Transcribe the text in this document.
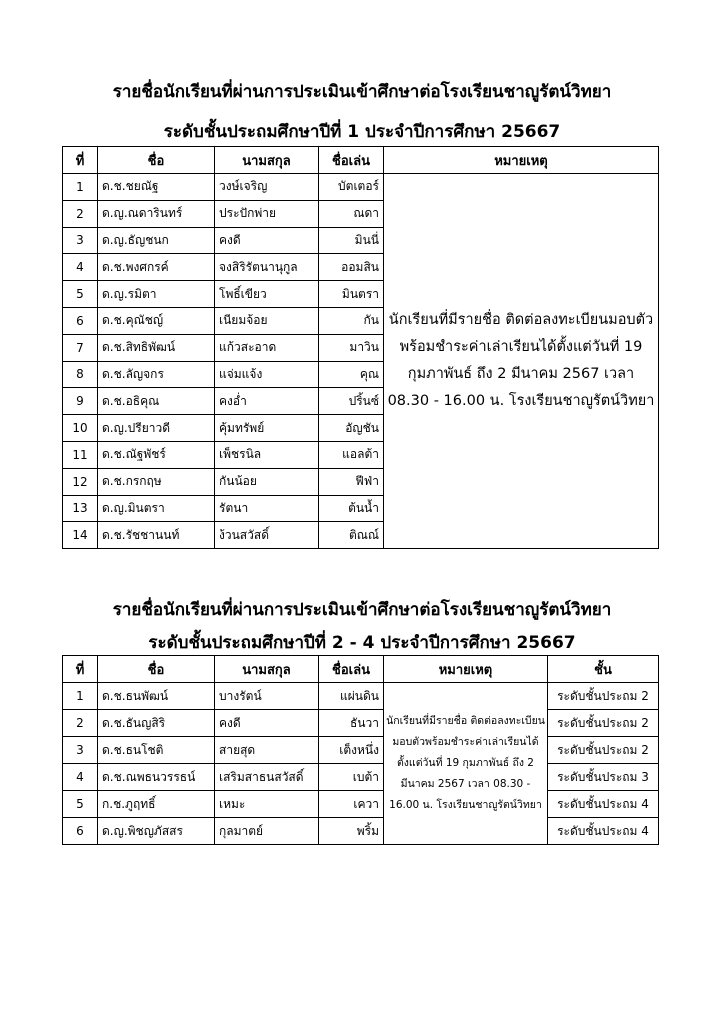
รายชื่อนักเรียนที่ผ่านการประเมินเข้าศึกษาต่อโรงเรียนชาญูรัตน์วิทยา
ระดับชั้นประถมศึกษาปีที่ 1 ประจำปีการศึกษา 25667
ที่	ชื่อ	นามสกุล	ชื่อเล่น	หมายเหตุ
1	ด.ช.ชยณัฐ	วงษ์เจริญ	บัตเตอร์	นักเรียนที่มีรายชื่อ ติดต่อลงทะเบียนมอบตัวพร้อมชำระค่าเล่าเรียนได้ตั้งแต่วันที่ 19 กุมภาพันธ์ ถึง 2 มีนาคม 2567 เวลา 08.30 - 16.00 น. โรงเรียนชาญูรัตน์วิทยา
2	ด.ญ.ณดารินทร์	ประปักพ่าย	ณดา	
3	ด.ญ.ธัญชนก	คงดี	มินนี่	
4	ด.ช.พงศกรค์	จงสิริรัตนานุกูล	ออมสิน	
5	ด.ญ.รมิตา	โพธิ์เขียว	มินตรา	
6	ด.ช.คุณัชญ์	เนียมจ้อย	กัน	
7	ด.ช.สิทธิพัฒน์	แก้วสะอาด	มาวิน	
8	ด.ช.ลัญจกร	แจ่มแจ้ง	คุณ	
9	ด.ช.อธิคุณ	คงอ่ำ	ปริ้นซ์	
10	ด.ญ.ปรียาวดี	คุ้มทรัพย์	อัญชัน	
11	ด.ช.ณัฐพัชร์	เพ็ชรนิล	แอลต้า	
12	ด.ช.กรกฤษ	กันน้อย	ฟีฟ่า	
13	ด.ญ.มินตรา	รัตนา	ต้นน้ำ	
14	ด.ช.รัชชานนท์	ง้วนสวัสดิ์	ติณณ์	
รายชื่อนักเรียนที่ผ่านการประเมินเข้าศึกษาต่อโรงเรียนชาญูรัตน์วิทยา
ระดับชั้นประถมศึกษาปีที่ 2 - 4 ประจำปีการศึกษา 25667
ที่	ชื่อ	นามสกุล	ชื่อเล่น	หมายเหตุ	ชั้น
1	ด.ช.ธนพัฒน์	บางรัตน์	แผ่นดิน	นักเรียนที่มีรายชื่อ ติดต่อลงทะเบียน มอบตัวพร้อมชำระค่าเล่าเรียนได้ตั้งแต่วันที่ 19 กุมภาพันธ์ ถึง 2 มีนาคม 2567 เวลา 08.30 - 16.00 น. โรงเรียนชาญูรัตน์วิทยา	ระดับชั้นประถม 2
2	ด.ช.ธันญสิริ	คงดี	ธันวา		ระดับชั้นประถม 2
3	ด.ช.ธนโชติ	สายสุด	เต็งหนึ่ง		ระดับชั้นประถม 2
4	ด.ช.ณพธนวรรธน์	เสริมสาธนสวัสดิ์	เบต้า		ระดับชั้นประถม 3
5	ก.ช.ภูฤทธิ์	เหมะ	เควา		ระดับชั้นประถม 4
6	ด.ญ.พิชญภัสสร	กุลมาตย์	พริ้ม		ระดับชั้นประถม 4
